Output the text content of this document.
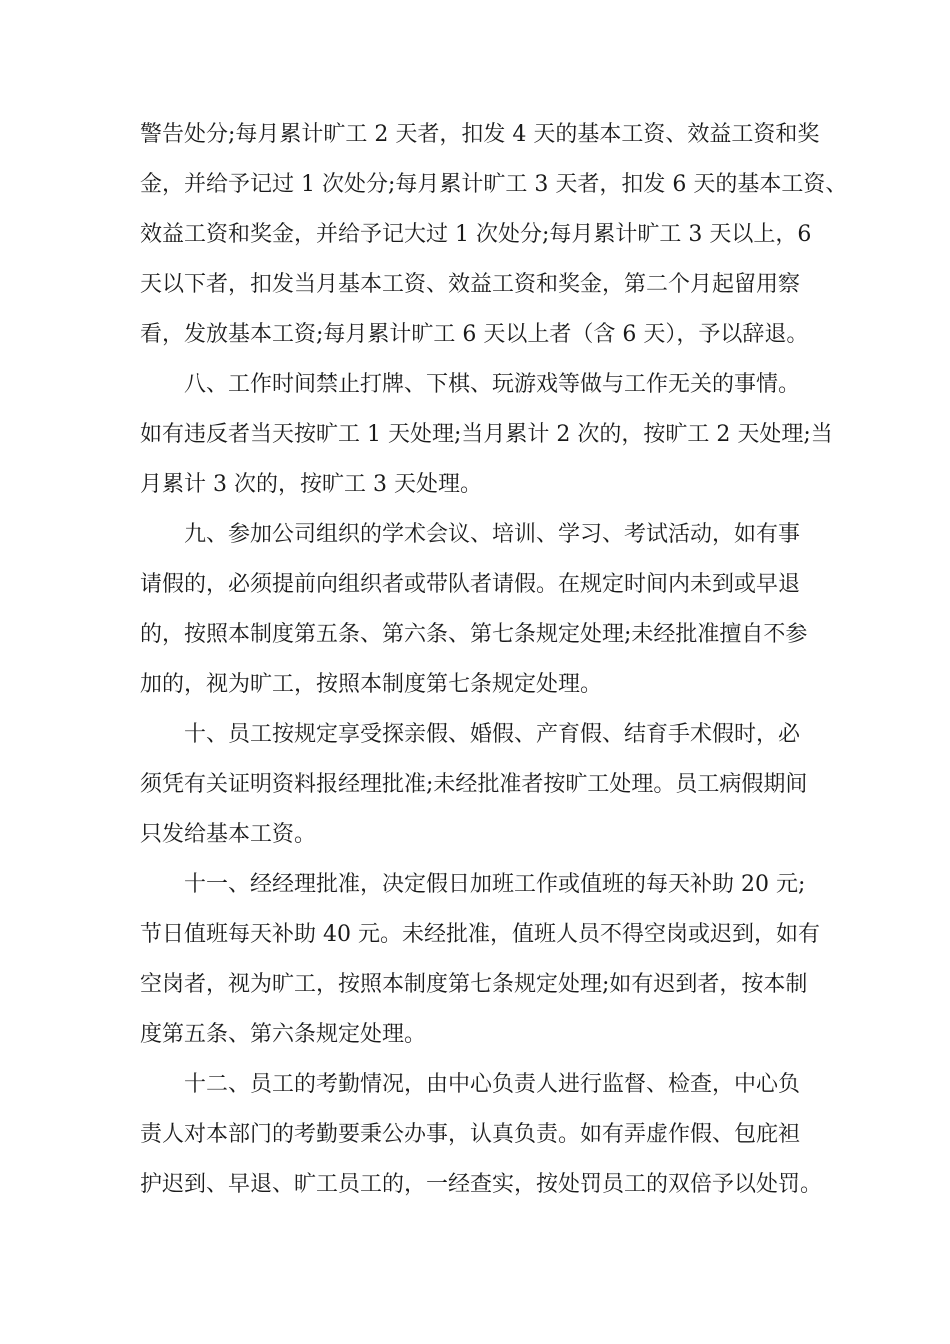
警告处分;每月累计旷工 2 天者，扣发 4 天的基本工资、效益工资和奖
金，并给予记过 1 次处分;每月累计旷工 3 天者，扣发 6 天的基本工资、
效益工资和奖金，并给予记大过 1 次处分;每月累计旷工 3 天以上，6
天以下者，扣发当月基本工资、效益工资和奖金，第二个月起留用察
看，发放基本工资;每月累计旷工 6 天以上者（含 6 天），予以辞退。
八、工作时间禁止打牌、下棋、玩游戏等做与工作无关的事情。
如有违反者当天按旷工 1 天处理;当月累计 2 次的，按旷工 2 天处理;当
月累计 3 次的，按旷工 3 天处理。
九、参加公司组织的学术会议、培训、学习、考试活动，如有事
请假的，必须提前向组织者或带队者请假。在规定时间内未到或早退
的，按照本制度第五条、第六条、第七条规定处理;未经批准擅自不参
加的，视为旷工，按照本制度第七条规定处理。
十、员工按规定享受探亲假、婚假、产育假、结育手术假时，必
须凭有关证明资料报经理批准;未经批准者按旷工处理。员工病假期间
只发给基本工资。
十一、经经理批准，决定假日加班工作或值班的每天补助 20 元;
节日值班每天补助 40 元。未经批准，值班人员不得空岗或迟到，如有
空岗者，视为旷工，按照本制度第七条规定处理;如有迟到者，按本制
度第五条、第六条规定处理。
十二、员工的考勤情况，由中心负责人进行监督、检查，中心负
责人对本部门的考勤要秉公办事，认真负责。如有弄虚作假、包庇袒
护迟到、早退、旷工员工的，一经查实，按处罚员工的双倍予以处罚。
